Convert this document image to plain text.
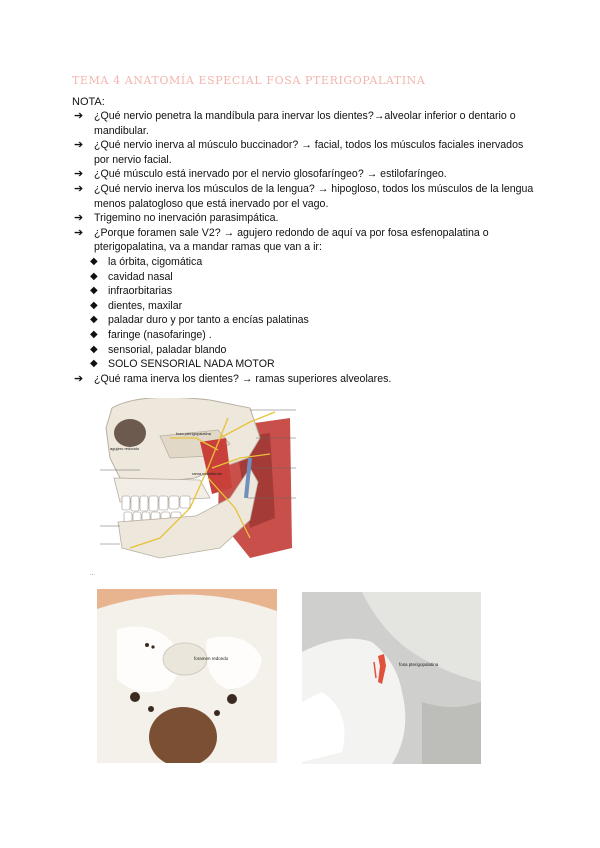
TEMA 4 ANATOMÍA ESPECIAL FOSA PTERIGOPALATINA
NOTA:
➔ ¿Qué nervio penetra la mandíbula para inervar los dientes?→alveolar inferior o dentario o mandibular.
➔ ¿Qué nervio inerva al músculo buccinador? → facial, todos los músculos faciales inervados por nervio facial.
➔ ¿Qué músculo está inervado por el nervio glosofaríngeo? → estilofaríngeo.
➔ ¿Qué nervio inerva los músculos de la lengua? → hipogloso, todos los músculos de la lengua menos palatogloso que está inervado por el vago.
➔ Trigemino no inervación parasimpática.
➔ ¿Porque foramen sale V2? → agujero redondo de aquí va por fosa esfenopalatina o pterigopalatina, va a mandar ramas que van a ir:
◆ la órbita, cigomática
◆ cavidad nasal
◆ infraorbitarias
◆ dientes, maxilar
◆ paladar duro y por tanto a encías palatinas
◆ faringe (nasofaringe) .
◆ sensorial, paladar blando
◆ SOLO SENSORIAL NADA MOTOR
➔ ¿Qué rama inerva los dientes? → ramas superiores alveolares.
fosa pterigopalatina
agujero redondo
rama mandibular
...
foramen redondo
fosa pterigopalatina
